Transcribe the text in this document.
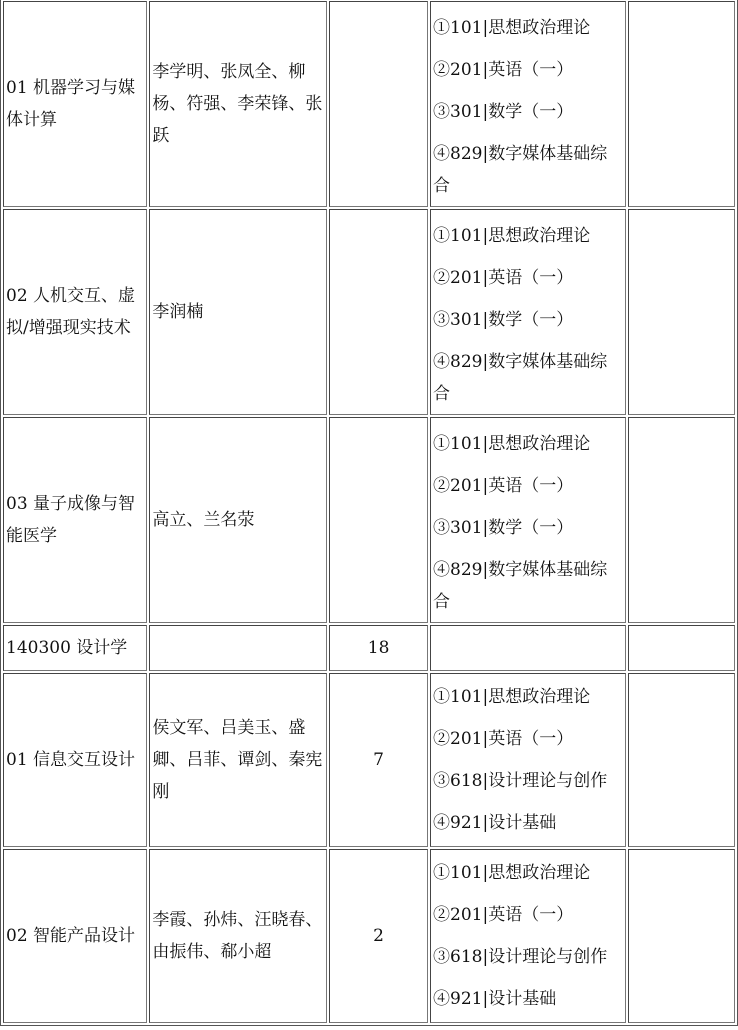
01 机器学习与媒体计算	李学明、张凤全、柳杨、符强、李荣锋、张跃		①101|思想政治理论
②201|英语（一）
③301|数学（一）
④829|数字媒体基础综合	

02 人机交互、虚拟/增强现实技术	李润楠		①101|思想政治理论
②201|英语（一）
③301|数学（一）
④829|数字媒体基础综合	

03 量子成像与智能医学	高立、兰名荥		①101|思想政治理论
②201|英语（一）
③301|数学（一）
④829|数字媒体基础综合	

140300 设计学		18		
01 信息交互设计	侯文军、吕美玉、盛卿、吕菲、谭剑、秦宪刚	7	①101|思想政治理论
②201|英语（一）
③618|设计理论与创作
④921|设计基础	

02 智能产品设计	李霞、孙炜、汪晓春、由振伟、郗小超	2	①101|思想政治理论
②201|英语（一）
③618|设计理论与创作
④921|设计基础	
